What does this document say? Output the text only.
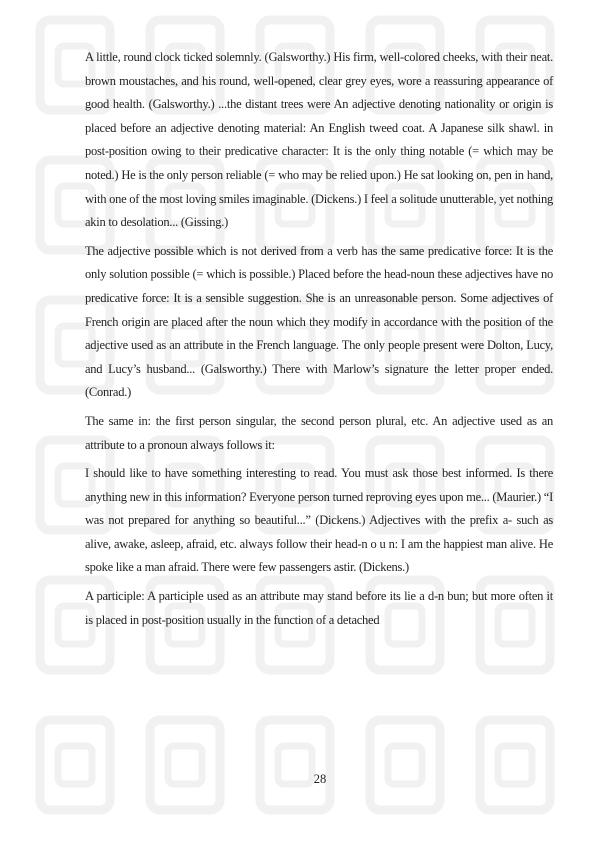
A little, round clock ticked solemnly. (Galsworthy.) His firm, well-colored cheeks, with their neat. brown moustaches, and his round, well-opened, clear grey eyes, wore a reassuring appearance of good health. (Galsworthy.) ...the distant trees were An adjective denoting nationality or origin is placed before an adjective denoting material: An English tweed coat. A Japanese silk shawl. in post-position owing to their predicative character: It is the only thing notable (= which may be noted.) He is the only person reliable (= who may be relied upon.) He sat looking on, pen in hand, with one of the most loving smiles imaginable. (Dickens.) I feel a solitude unutterable, yet nothing akin to desolation... (Gissing.)

The adjective possible which is not derived from a verb has the same predicative force: It is the only solution possible (= which is possible.) Placed before the head-noun these adjectives have no predicative force: It is a sensible suggestion. She is an unreasonable person. Some adjectives of French origin are placed after the noun which they modify in accordance with the position of the adjective used as an attribute in the French language. The only people present were Dolton, Lucy, and Lucy’s husband... (Galsworthy.) There with Marlow’s signature the letter proper ended. (Conrad.)

The same in: the first person singular, the second person plural, etc. An adjective used as an attribute to a pronoun always follows it:

I should like to have something interesting to read. You must ask those best informed. Is there anything new in this information? Everyone person turned reproving eyes upon me... (Maurier.) “I was not prepared for anything so beautiful...” (Dickens.) Adjectives with the prefix a- such as alive, awake, asleep, afraid, etc. always follow their head-n o u n: I am the happiest man alive. He spoke like a man afraid. There were few passengers astir. (Dickens.)

A participle: A participle used as an attribute may stand before its lie a d-n bun; but more often it is placed in post-position usually in the function of a detached

28
